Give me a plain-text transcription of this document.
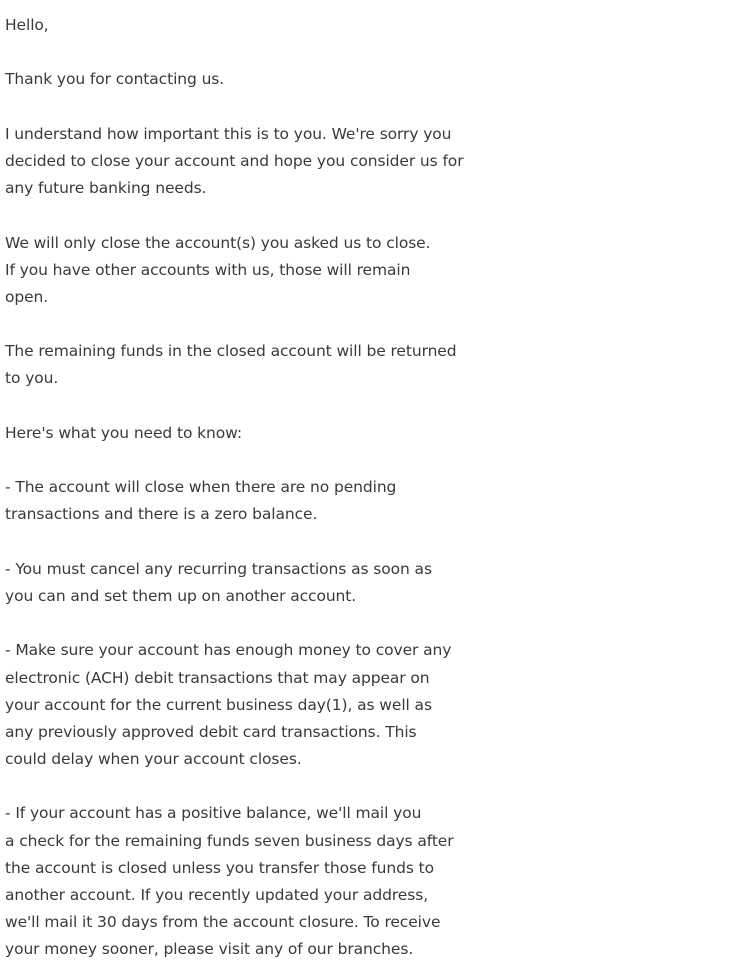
Hello,
Thank you for contacting us.
I understand how important this is to you. We're sorry you
decided to close your account and hope you consider us for
any future banking needs.
We will only close the account(s) you asked us to close.
If you have other accounts with us, those will remain
open.
The remaining funds in the closed account will be returned
to you.
Here's what you need to know:
- The account will close when there are no pending
transactions and there is a zero balance.
- You must cancel any recurring transactions as soon as
you can and set them up on another account.
- Make sure your account has enough money to cover any
electronic (ACH) debit transactions that may appear on
your account for the current business day(1), as well as
any previously approved debit card transactions. This
could delay when your account closes.
- If your account has a positive balance, we'll mail you
a check for the remaining funds seven business days after
the account is closed unless you transfer those funds to
another account. If you recently updated your address,
we'll mail it 30 days from the account closure. To receive
your money sooner, please visit any of our branches.
